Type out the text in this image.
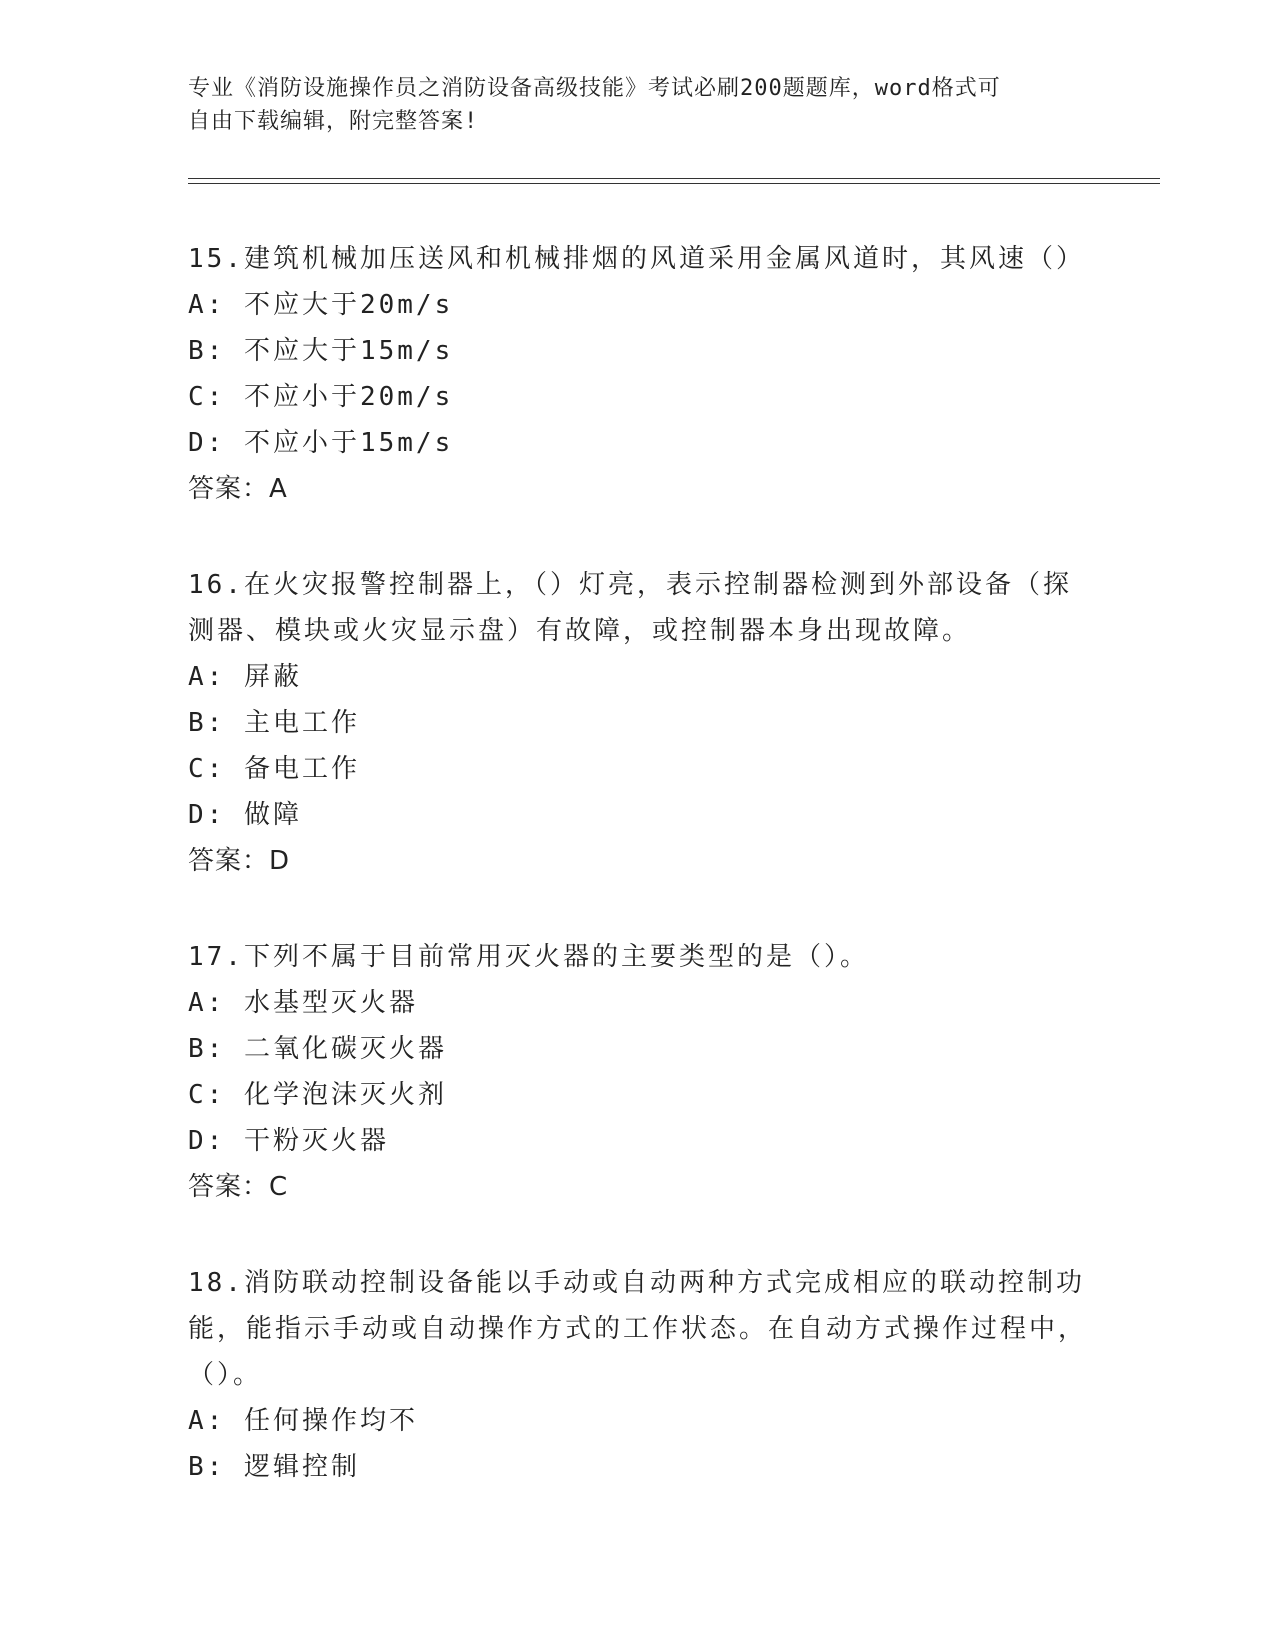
专业《消防设施操作员之消防设备高级技能》考试必刷200题题库，word格式可
自由下载编辑，附完整答案!

15.建筑机械加压送风和机械排烟的风道采用金属风道时，其风速（）

A: 不应大于20m/s

B: 不应大于15m/s

C: 不应小于20m/s

D: 不应小于15m/s

答案：A

16.在火灾报警控制器上，（）灯亮，表示控制器检测到外部设备（探测器、模块或火灾显示盘）有故障，或控制器本身出现故障。

A: 屏蔽

B: 主电工作

C: 备电工作

D: 做障

答案：D

17.下列不属于目前常用灭火器的主要类型的是（）。

A: 水基型灭火器

B: 二氧化碳灭火器

C: 化学泡沫灭火剂

D: 干粉灭火器

答案：C

18.消防联动控制设备能以手动或自动两种方式完成相应的联动控制功能，能指示手动或自动操作方式的工作状态。在自动方式操作过程中，（）。

A: 任何操作均不

B: 逻辑控制
